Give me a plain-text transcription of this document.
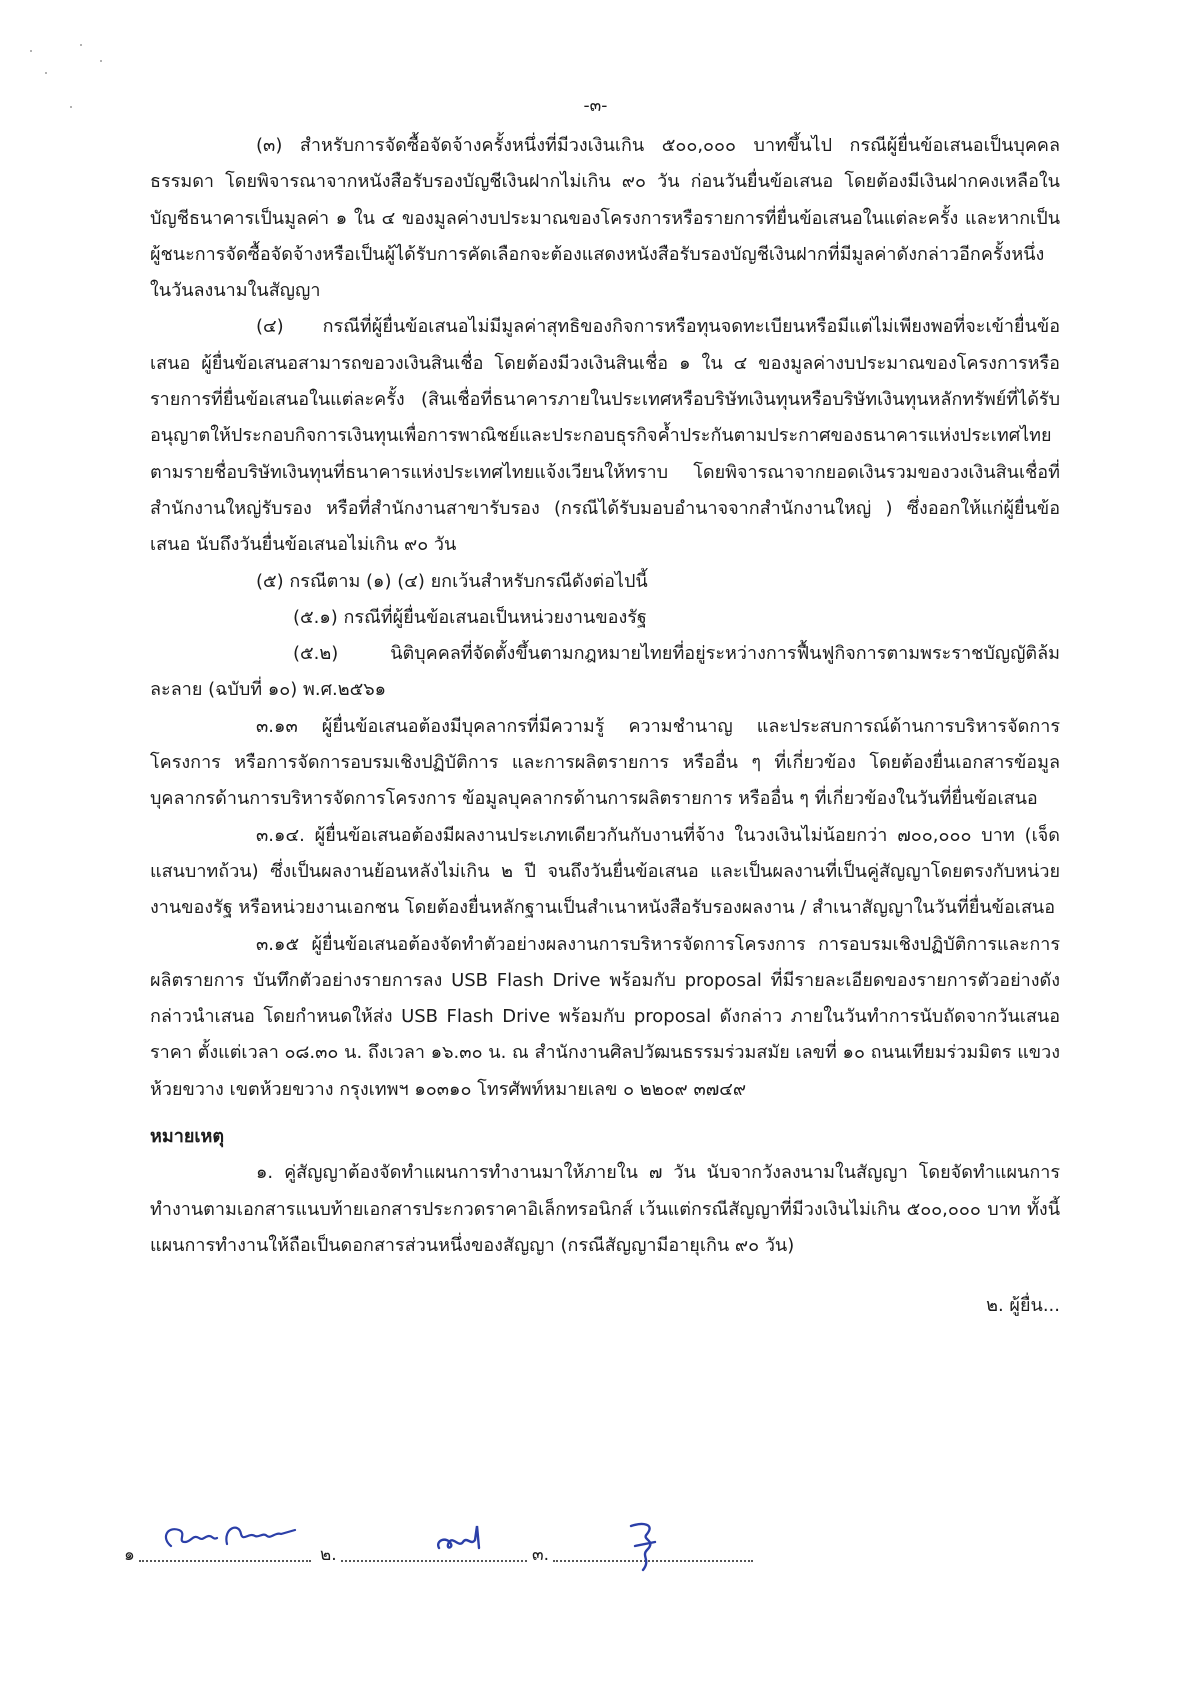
-๓-

(๓) สำหรับการจัดซื้อจัดจ้างครั้งหนึ่งที่มีวงเงินเกิน ๕๐๐,๐๐๐ บาทขึ้นไป กรณีผู้ยื่นข้อเสนอเป็นบุคคลธรรมดา โดยพิจารณาจากหนังสือรับรองบัญชีเงินฝากไม่เกิน ๙๐ วัน ก่อนวันยื่นข้อเสนอ โดยต้องมีเงินฝากคงเหลือในบัญชีธนาคารเป็นมูลค่า ๑ ใน ๔ ของมูลค่างบประมาณของโครงการหรือรายการที่ยื่นข้อเสนอในแต่ละครั้ง และหากเป็นผู้ชนะการจัดซื้อจัดจ้างหรือเป็นผู้ได้รับการคัดเลือกจะต้องแสดงหนังสือรับรองบัญชีเงินฝากที่มีมูลค่าดังกล่าวอีกครั้งหนึ่งในวันลงนามในสัญญา

(๔) กรณีที่ผู้ยื่นข้อเสนอไม่มีมูลค่าสุทธิของกิจการหรือทุนจดทะเบียนหรือมีแต่ไม่เพียงพอที่จะเข้ายื่นข้อเสนอ ผู้ยื่นข้อเสนอสามารถขอวงเงินสินเชื่อ โดยต้องมีวงเงินสินเชื่อ ๑ ใน ๔ ของมูลค่างบประมาณของโครงการหรือรายการที่ยื่นข้อเสนอในแต่ละครั้ง (สินเชื่อที่ธนาคารภายในประเทศหรือบริษัทเงินทุนหรือบริษัทเงินทุนหลักทรัพย์ที่ได้รับอนุญาตให้ประกอบกิจการเงินทุนเพื่อการพาณิชย์และประกอบธุรกิจค้ำประกันตามประกาศของธนาคารแห่งประเทศไทย ตามรายชื่อบริษัทเงินทุนที่ธนาคารแห่งประเทศไทยแจ้งเวียนให้ทราบ โดยพิจารณาจากยอดเงินรวมของวงเงินสินเชื่อที่สำนักงานใหญ่รับรอง หรือที่สำนักงานสาขารับรอง (กรณีได้รับมอบอำนาจจากสำนักงานใหญ่ ) ซึ่งออกให้แก่ผู้ยื่นข้อเสนอ นับถึงวันยื่นข้อเสนอไม่เกิน ๙๐ วัน

(๕) กรณีตาม (๑) (๔) ยกเว้นสำหรับกรณีดังต่อไปนี้

(๕.๑) กรณีที่ผู้ยื่นข้อเสนอเป็นหน่วยงานของรัฐ

(๕.๒) นิติบุคคลที่จัดตั้งขึ้นตามกฎหมายไทยที่อยู่ระหว่างการฟื้นฟูกิจการตามพระราชบัญญัติล้มละลาย (ฉบับที่ ๑๐) พ.ศ.๒๕๖๑

๓.๑๓ ผู้ยื่นข้อเสนอต้องมีบุคลากรที่มีความรู้ ความชำนาญ และประสบการณ์ด้านการบริหารจัดการโครงการ หรือการจัดการอบรมเชิงปฏิบัติการ และการผลิตรายการ หรืออื่น ๆ ที่เกี่ยวข้อง โดยต้องยื่นเอกสารข้อมูลบุคลากรด้านการบริหารจัดการโครงการ ข้อมูลบุคลากรด้านการผลิตรายการ หรืออื่น ๆ ที่เกี่ยวข้องในวันที่ยื่นข้อเสนอ

๓.๑๔. ผู้ยื่นข้อเสนอต้องมีผลงานประเภทเดียวกันกับงานที่จ้าง ในวงเงินไม่น้อยกว่า ๗๐๐,๐๐๐ บาท (เจ็ดแสนบาทถ้วน) ซึ่งเป็นผลงานย้อนหลังไม่เกิน ๒ ปี จนถึงวันยื่นข้อเสนอ และเป็นผลงานที่เป็นคู่สัญญาโดยตรงกับหน่วยงานของรัฐ หรือหน่วยงานเอกชน โดยต้องยื่นหลักฐานเป็นสำเนาหนังสือรับรองผลงาน / สำเนาสัญญาในวันที่ยื่นข้อเสนอ

๓.๑๕ ผู้ยื่นข้อเสนอต้องจัดทำตัวอย่างผลงานการบริหารจัดการโครงการ การอบรมเชิงปฏิบัติการและการผลิตรายการ บันทึกตัวอย่างรายการลง USB Flash Drive พร้อมกับ proposal ที่มีรายละเอียดของรายการตัวอย่างดังกล่าวนำเสนอ โดยกำหนดให้ส่ง USB Flash Drive พร้อมกับ proposal ดังกล่าว ภายในวันทำการนับถัดจากวันเสนอราคา ตั้งแต่เวลา ๐๘.๓๐ น. ถึงเวลา ๑๖.๓๐ น. ณ สำนักงานศิลปวัฒนธรรมร่วมสมัย เลขที่ ๑๐ ถนนเทียมร่วมมิตร แขวงห้วยขวาง เขตห้วยขวาง กรุงเทพฯ ๑๐๓๑๐ โทรศัพท์หมายเลข ๐ ๒๒๐๙ ๓๗๔๙

หมายเหตุ

๑. คู่สัญญาต้องจัดทำแผนการทำงานมาให้ภายใน ๗ วัน นับจากวังลงนามในสัญญา โดยจัดทำแผนการทำงานตามเอกสารแนบท้ายเอกสารประกวดราคาอิเล็กทรอนิกส์ เว้นแต่กรณีสัญญาที่มีวงเงินไม่เกิน ๕๐๐,๐๐๐ บาท ทั้งนี้แผนการทำงานให้ถือเป็นดอกสารส่วนหนึ่งของสัญญา (กรณีสัญญามีอายุเกิน ๙๐ วัน)

๒. ผู้ยื่น...

๑	๒.	๓.
